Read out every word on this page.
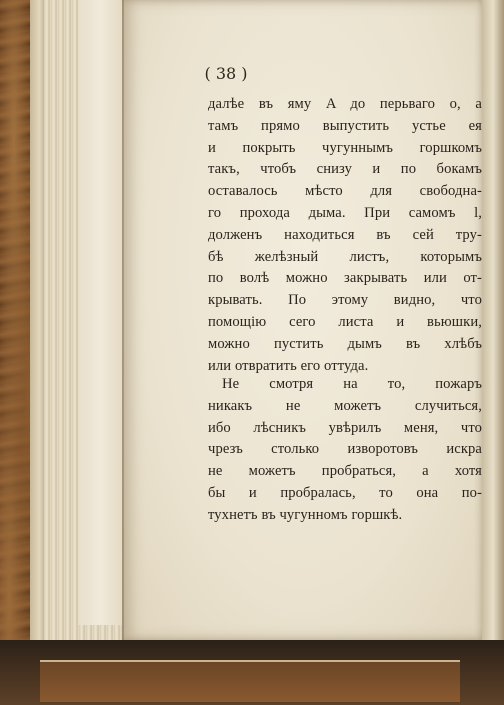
( 38 )
далѣе въ яму A до перьваго o, а
тамъ прямо выпустить устье ея
и покрыть чугуннымъ горшкомъ
такъ, чтобъ снизу и по бокамъ
оставалось мѣсто для свободна-
го прохода дыма. При самомъ l,
долженъ находиться въ сей тру-
бѣ желѣзный листъ, которымъ
по волѣ можно закрывать или от-
крывать. По этому видно, что
помощію сего листа и вьюшки,
можно пустить дымъ въ хлѣбъ
или отвратить его оттуда.
Не смотря на то, пожаръ
никакъ не можетъ случиться,
ибо лѣсникъ увѣрилъ меня, что
чрезъ столько изворотовъ искра
не можетъ пробраться, а хотя
бы и пробралась, то она по-
тухнетъ въ чугунномъ горшкѣ.
